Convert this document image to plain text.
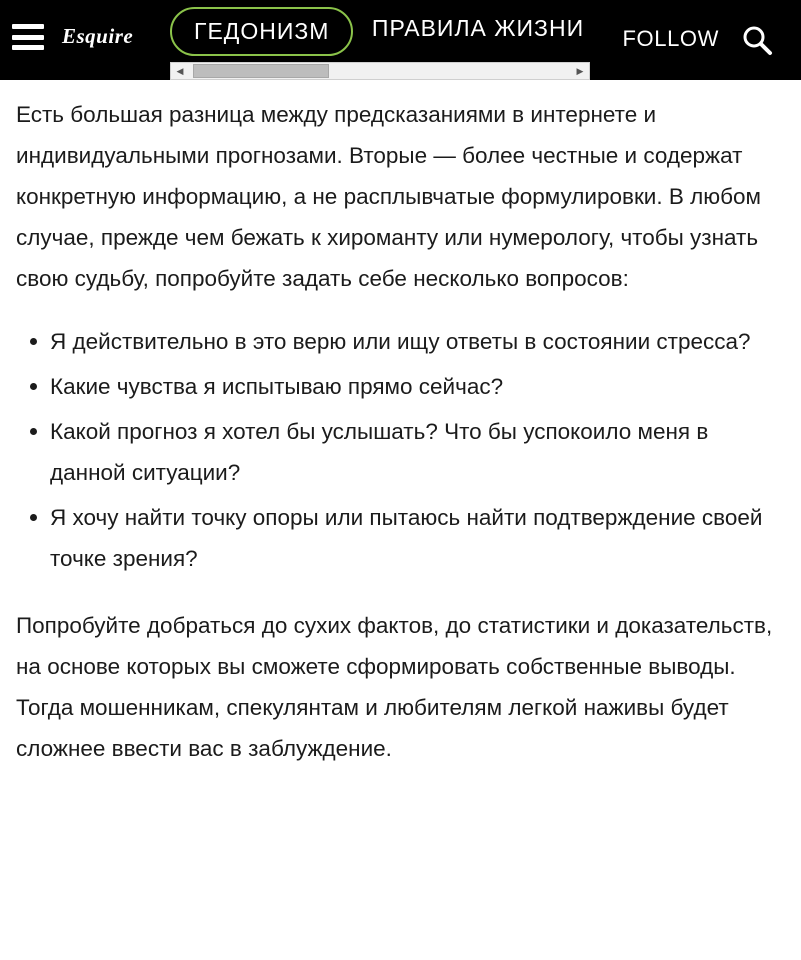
Esquire	ГЕДОНИЗМ ПРАВИЛА ЖИЗНИ	FOLLOW
◀	▶

Есть большая разница между предсказаниями в интернете и индивидуальными прогнозами. Вторые — более честные и содержат конкретную информацию, а не расплывчатые формулировки. В любом случае, прежде чем бежать к хироманту или нумерологу, чтобы узнать свою судьбу, попробуйте задать себе несколько вопросов:

Я действительно в это верю или ищу ответы в состоянии стресса?
Какие чувства я испытываю прямо сейчас?
Какой прогноз я хотел бы услышать? Что бы успокоило меня в данной ситуации?
Я хочу найти точку опоры или пытаюсь найти подтверждение своей точке зрения?

Попробуйте добраться до сухих фактов, до статистики и доказательств, на основе которых вы сможете сформировать собственные выводы. Тогда мошенникам, спекулянтам и любителям легкой наживы будет сложнее ввести вас в заблуждение.
